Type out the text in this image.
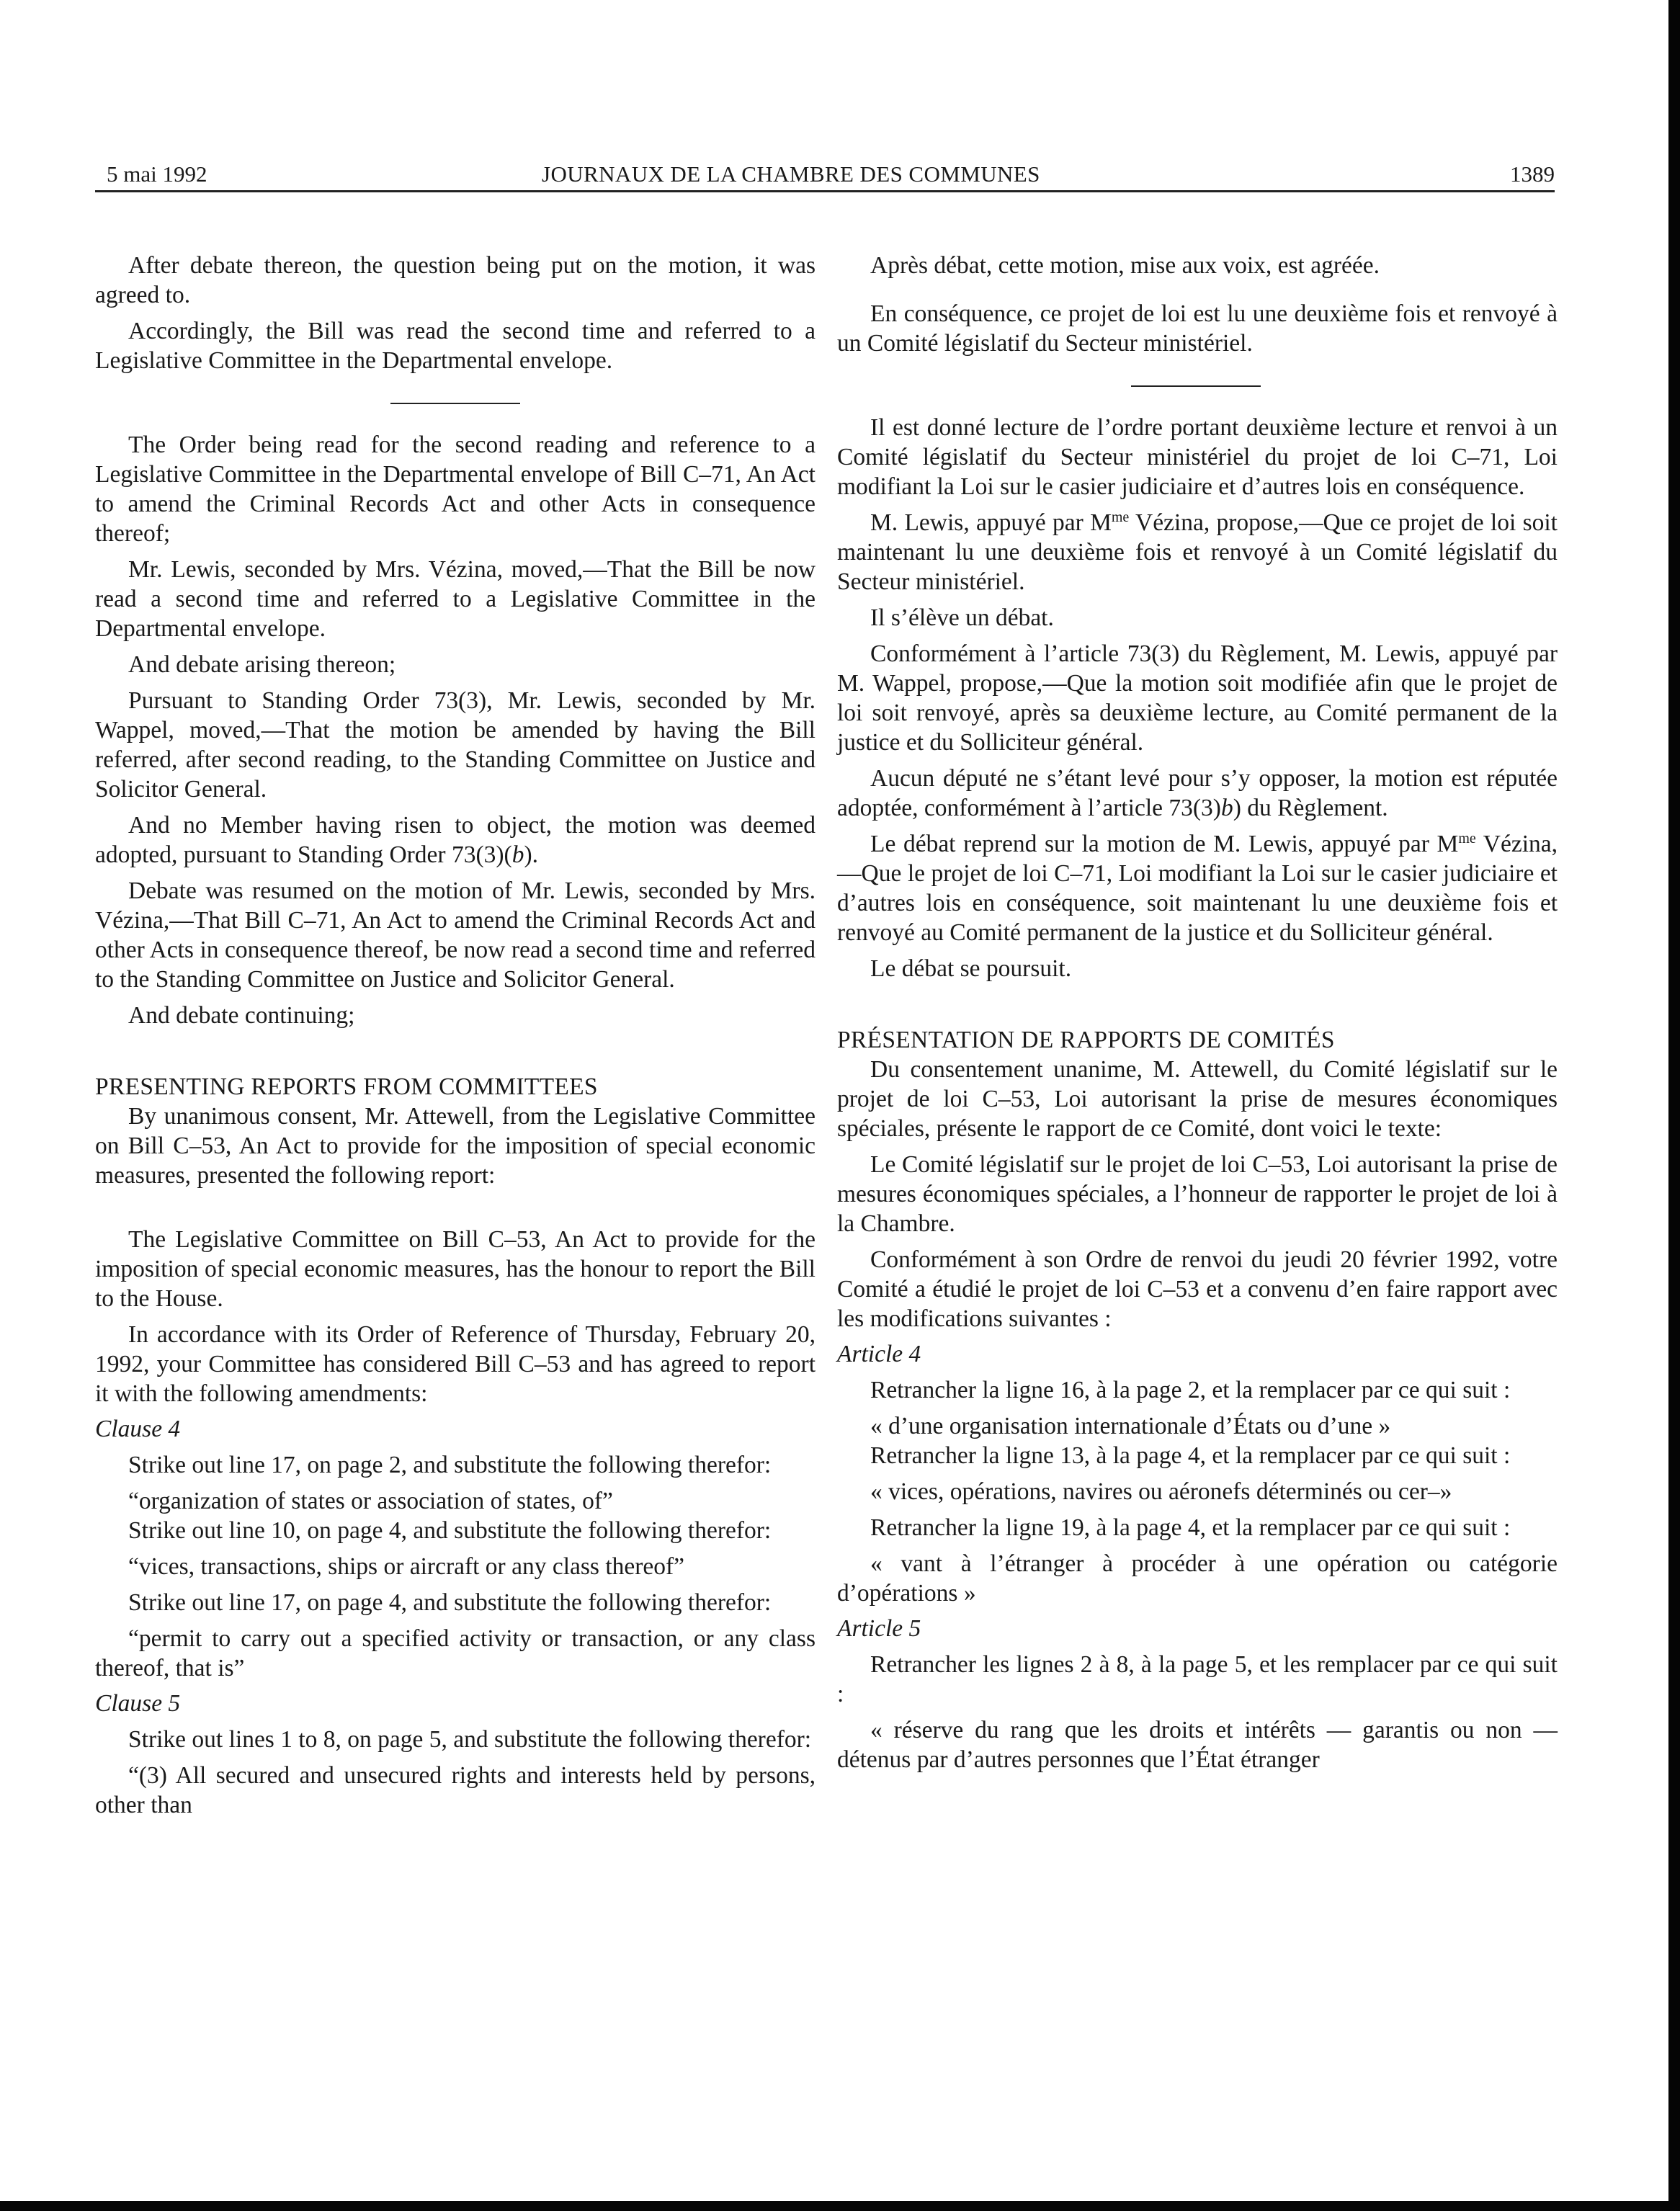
5 mai 1992	JOURNAUX DE LA CHAMBRE DES COMMUNES	1389

After debate thereon, the question being put on the motion, it was agreed to.

Accordingly, the Bill was read the second time and referred to a Legislative Committee in the Departmental envelope.

The Order being read for the second reading and reference to a Legislative Committee in the Departmental envelope of Bill C–71, An Act to amend the Criminal Records Act and other Acts in consequence thereof;

Mr. Lewis, seconded by Mrs. Vézina, moved,—That the Bill be now read a second time and referred to a Legislative Committee in the Departmental envelope.

And debate arising thereon;

Pursuant to Standing Order 73(3), Mr. Lewis, seconded by Mr. Wappel, moved,—That the motion be amended by having the Bill referred, after second reading, to the Standing Committee on Justice and Solicitor General.

And no Member having risen to object, the motion was deemed adopted, pursuant to Standing Order 73(3)(b).

Debate was resumed on the motion of Mr. Lewis, seconded by Mrs. Vézina,—That Bill C–71, An Act to amend the Criminal Records Act and other Acts in consequence thereof, be now read a second time and referred to the Standing Committee on Justice and Solicitor General.

And debate continuing;

PRESENTING REPORTS FROM COMMITTEES

By unanimous consent, Mr. Attewell, from the Legislative Committee on Bill C–53, An Act to provide for the imposition of special economic measures, presented the following report:

The Legislative Committee on Bill C–53, An Act to provide for the imposition of special economic measures, has the honour to report the Bill to the House.

In accordance with its Order of Reference of Thursday, February 20, 1992, your Committee has considered Bill C–53 and has agreed to report it with the following amendments:

Clause 4

Strike out line 17, on page 2, and substitute the following therefor:

“organization of states or association of states, of”

Strike out line 10, on page 4, and substitute the following therefor:

“vices, transactions, ships or aircraft or any class thereof”

Strike out line 17, on page 4, and substitute the following therefor:

“permit to carry out a specified activity or transaction, or any class thereof, that is”

Clause 5

Strike out lines 1 to 8, on page 5, and substitute the following therefor:

“(3) All secured and unsecured rights and interests held by persons, other than

Après débat, cette motion, mise aux voix, est agréée.

En conséquence, ce projet de loi est lu une deuxième fois et renvoyé à un Comité législatif du Secteur ministériel.

Il est donné lecture de l’ordre portant deuxième lecture et renvoi à un Comité législatif du Secteur ministériel du projet de loi C–71, Loi modifiant la Loi sur le casier judiciaire et d’autres lois en conséquence.

M. Lewis, appuyé par $M^{me}$ Vézina, propose,—Que ce projet de loi soit maintenant lu une deuxième fois et renvoyé à un Comité législatif du Secteur ministériel.

Il s’élève un débat.

Conformément à l’article 73(3) du Règlement, M. Lewis, appuyé par M. Wappel, propose,—Que la motion soit modifiée afin que le projet de loi soit renvoyé, après sa deuxième lecture, au Comité permanent de la justice et du Solliciteur général.

Aucun député ne s’étant levé pour s’y opposer, la motion est réputée adoptée, conformément à l’article 73(3)b) du Règlement.

Le débat reprend sur la motion de M. Lewis, appuyé par $M^{me}$ Vézina,—Que le projet de loi C–71, Loi modifiant la Loi sur le casier judiciaire et d’autres lois en conséquence, soit maintenant lu une deuxième fois et renvoyé au Comité permanent de la justice et du Solliciteur général.

Le débat se poursuit.

PRÉSENTATION DE RAPPORTS DE COMITÉS

Du consentement unanime, M. Attewell, du Comité législatif sur le projet de loi C–53, Loi autorisant la prise de mesures économiques spéciales, présente le rapport de ce Comité, dont voici le texte:

Le Comité législatif sur le projet de loi C–53, Loi autorisant la prise de mesures économiques spéciales, a l’honneur de rapporter le projet de loi à la Chambre.

Conformément à son Ordre de renvoi du jeudi 20 février 1992, votre Comité a étudié le projet de loi C–53 et a convenu d’en faire rapport avec les modifications suivantes :

Article 4

Retrancher la ligne 16, à la page 2, et la remplacer par ce qui suit :

« d’une organisation internationale d’États ou d’une »

Retrancher la ligne 13, à la page 4, et la remplacer par ce qui suit :

« vices, opérations, navires ou aéronefs déterminés ou cer–»

Retrancher la ligne 19, à la page 4, et la remplacer par ce qui suit :

« vant à l’étranger à procéder à une opération ou catégorie d’opérations »

Article 5

Retrancher les lignes 2 à 8, à la page 5, et les remplacer par ce qui suit :

« réserve du rang que les droits et intérêts — garantis ou non — détenus par d’autres personnes que l’État étranger
